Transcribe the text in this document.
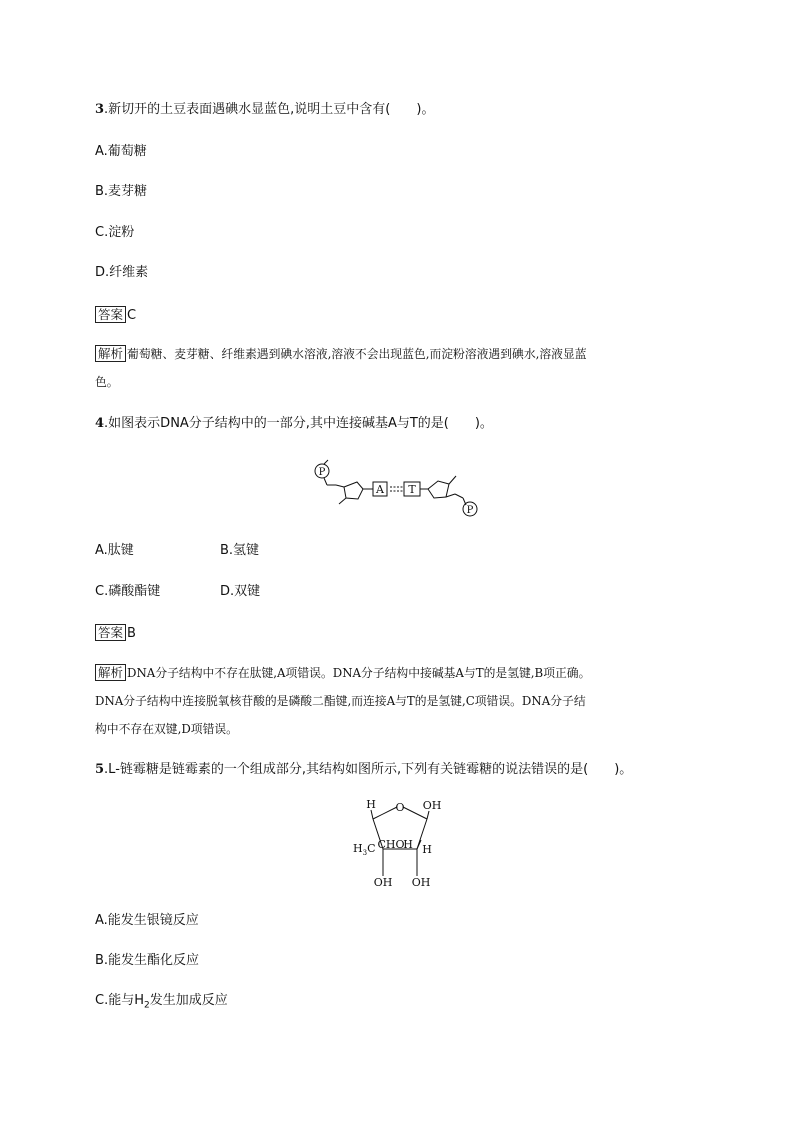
3.新切开的土豆表面遇碘水显蓝色,说明土豆中含有(　　)。
A.葡萄糖
B.麦芽糖
C.淀粉
D.纤维素
答案 C
解析 葡萄糖、麦芽糖、纤维素遇到碘水溶液,溶液不会出现蓝色,而淀粉溶液遇到碘水,溶液显蓝
色。
4.如图表示DNA分子结构中的一部分,其中连接碱基A与T的是(　　)。
P
A T
P
A.肽键	B.氢键
C.磷酸酯键	D.双键
答案 B
解析 DNA分子结构中不存在肽键,A项错误。DNA分子结构中接碱基A与T的是氢键,B项正确。
DNA分子结构中连接脱氧核苷酸的是磷酸二酯键,而连接A与T的是氢键,C项错误。DNA分子结
构中不存在双键,D项错误。
5.L-链霉糖是链霉素的一个组成部分,其结构如图所示,下列有关链霉糖的说法错误的是(　　)。
O
H	OH
CHO
$H_3C$	H H
OH OH
A.能发生银镜反应
B.能发生酯化反应
C.能与$H_2$发生加成反应
